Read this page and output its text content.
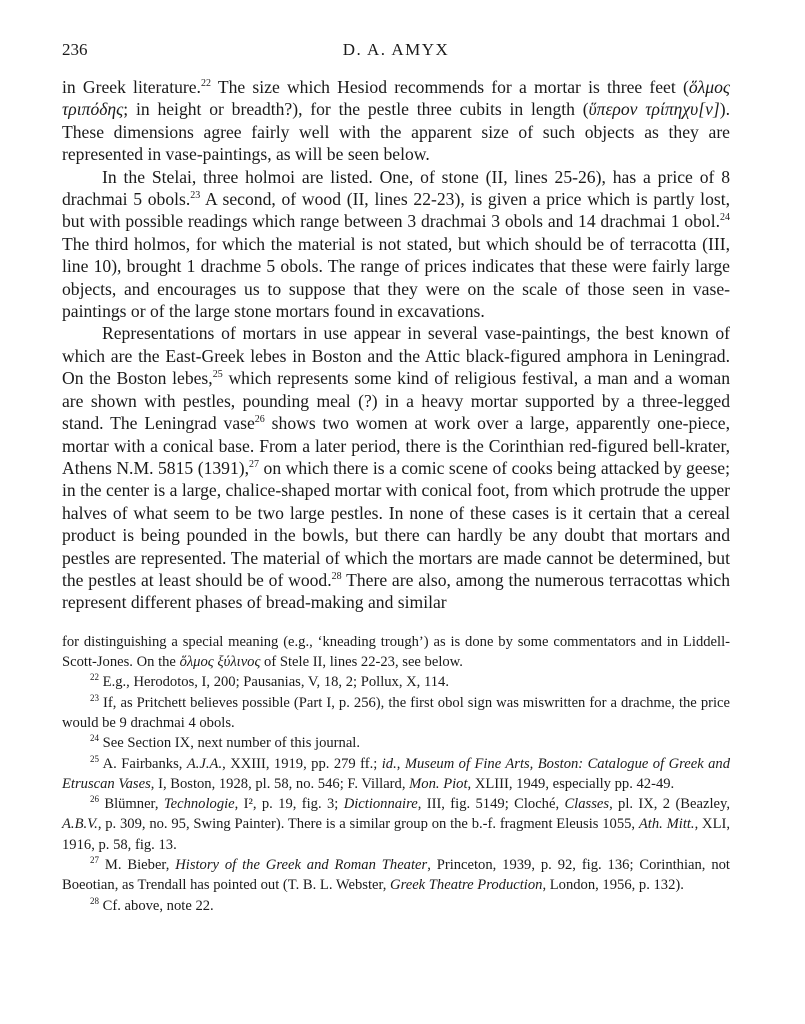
236	D. A. AMYX

in Greek literature.$^{22}$ The size which Hesiod recommends for a mortar is three feet (ὅλμος τριπόδης; in height or breadth?), for the pestle three cubits in length (ὕπερον τρίπηχυ[ν]). These dimensions agree fairly well with the apparent size of such objects as they are represented in vase-paintings, as will be seen below.

In the Stelai, three holmoi are listed. One, of stone (II, lines 25-26), has a price of 8 drachmai 5 obols.$^{23}$ A second, of wood (II, lines 22-23), is given a price which is partly lost, but with possible readings which range between 3 drachmai 3 obols and 14 drachmai 1 obol.$^{24}$ The third holmos, for which the material is not stated, but which should be of terracotta (III, line 10), brought 1 drachme 5 obols. The range of prices indicates that these were fairly large objects, and encourages us to suppose that they were on the scale of those seen in vase-paintings or of the large stone mortars found in excavations.

Representations of mortars in use appear in several vase-paintings, the best known of which are the East-Greek lebes in Boston and the Attic black-figured amphora in Leningrad. On the Boston lebes,$^{25}$ which represents some kind of religious festival, a man and a woman are shown with pestles, pounding meal (?) in a heavy mortar supported by a three-legged stand. The Leningrad vase$^{26}$ shows two women at work over a large, apparently one-piece, mortar with a conical base. From a later period, there is the Corinthian red-figured bell-krater, Athens N.M. 5815 (1391),$^{27}$ on which there is a comic scene of cooks being attacked by geese; in the center is a large, chalice-shaped mortar with conical foot, from which protrude the upper halves of what seem to be two large pestles. In none of these cases is it certain that a cereal product is being pounded in the bowls, but there can hardly be any doubt that mortars and pestles are represented. The material of which the mortars are made cannot be determined, but the pestles at least should be of wood.$^{28}$ There are also, among the numerous terracottas which represent different phases of bread-making and similar

for distinguishing a special meaning (e.g., ‘kneading trough’) as is done by some commentators and in Liddell-Scott-Jones. On the ὅλμος ξύλινος of Stele II, lines 22-23, see below.

$^{22}$ E.g., Herodotos, I, 200; Pausanias, V, 18, 2; Pollux, X, 114.

$^{23}$ If, as Pritchett believes possible (Part I, p. 256), the first obol sign was miswritten for a drachme, the price would be 9 drachmai 4 obols.

$^{24}$ See Section IX, next number of this journal.

$^{25}$ A. Fairbanks, A.J.A., XXIII, 1919, pp. 279 ff.; id., Museum of Fine Arts, Boston: Catalogue of Greek and Etruscan Vases, I, Boston, 1928, pl. 58, no. 546; F. Villard, Mon. Piot, XLIII, 1949, especially pp. 42-49.

$^{26}$ Blümner, Technologie, I², p. 19, fig. 3; Dictionnaire, III, fig. 5149; Cloché, Classes, pl. IX, 2 (Beazley, A.B.V., p. 309, no. 95, Swing Painter). There is a similar group on the b.-f. fragment Eleusis 1055, Ath. Mitt., XLI, 1916, p. 58, fig. 13.

$^{27}$ M. Bieber, History of the Greek and Roman Theater, Princeton, 1939, p. 92, fig. 136; Corinthian, not Boeotian, as Trendall has pointed out (T. B. L. Webster, Greek Theatre Production, London, 1956, p. 132).

$^{28}$ Cf. above, note 22.
